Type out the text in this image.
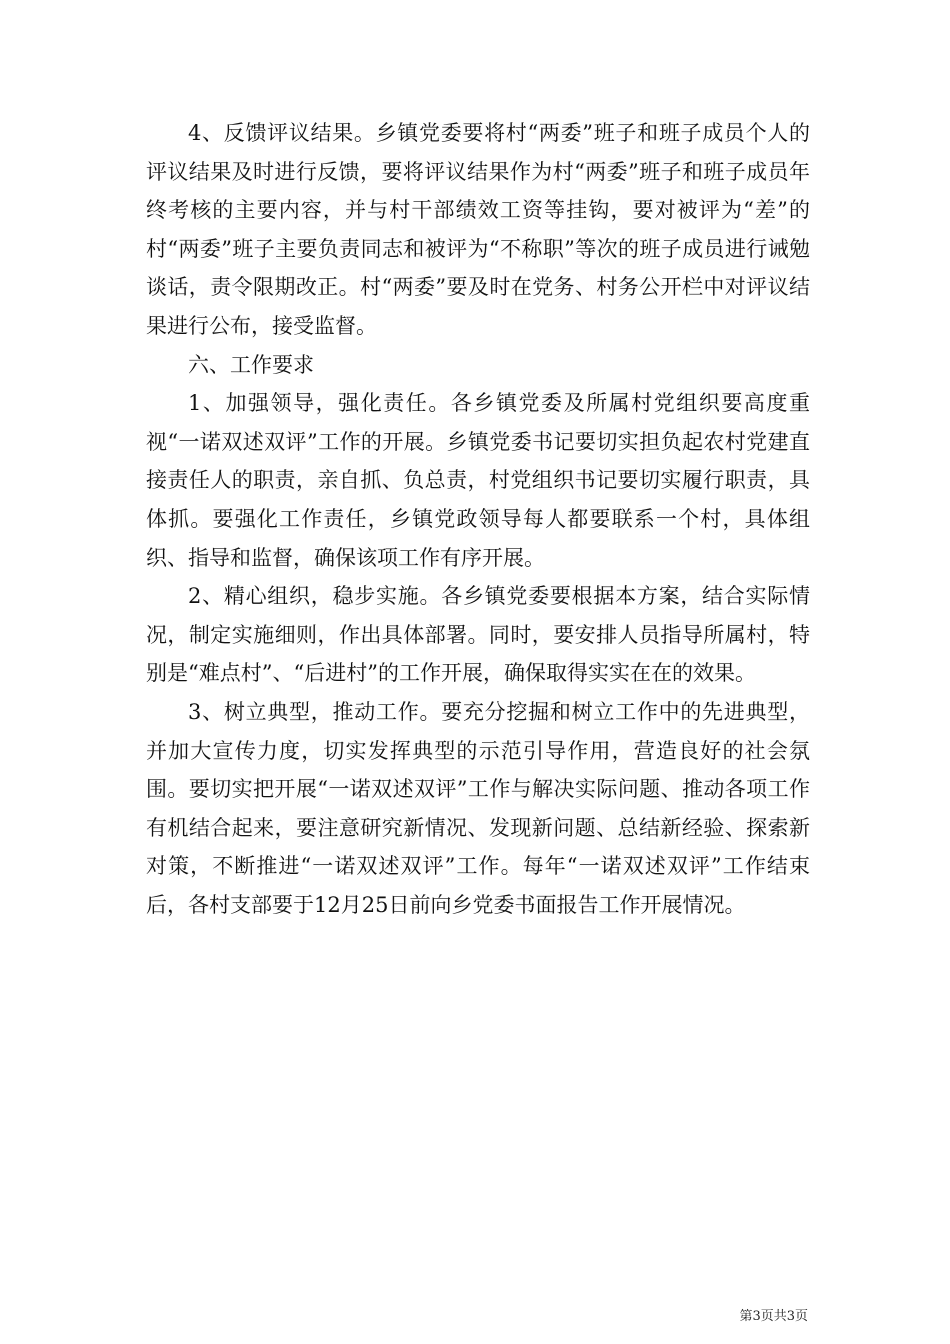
4、反馈评议结果。乡镇党委要将村“两委”班子和班子成员个人的评议结果及时进行反馈，要将评议结果作为村“两委”班子和班子成员年终考核的主要内容，并与村干部绩效工资等挂钩，要对被评为“差”的村“两委”班子主要负责同志和被评为“不称职”等次的班子成员进行诫勉谈话，责令限期改正。村“两委”要及时在党务、村务公开栏中对评议结果进行公布，接受监督。

六、工作要求

1、加强领导，强化责任。各乡镇党委及所属村党组织要高度重视“一诺双述双评”工作的开展。乡镇党委书记要切实担负起农村党建直接责任人的职责，亲自抓、负总责，村党组织书记要切实履行职责，具体抓。要强化工作责任，乡镇党政领导每人都要联系一个村，具体组织、指导和监督，确保该项工作有序开展。

2、精心组织，稳步实施。各乡镇党委要根据本方案，结合实际情况，制定实施细则，作出具体部署。同时，要安排人员指导所属村，特别是“难点村”、“后进村”的工作开展，确保取得实实在在的效果。

3、树立典型，推动工作。要充分挖掘和树立工作中的先进典型，并加大宣传力度，切实发挥典型的示范引导作用，营造良好的社会氛围。要切实把开展“一诺双述双评”工作与解决实际问题、推动各项工作有机结合起来，要注意研究新情况、发现新问题、总结新经验、探索新对策，不断推进“一诺双述双评”工作。每年“一诺双述双评”工作结束后，各村支部要于12月25日前向乡党委书面报告工作开展情况。

第3页共3页
